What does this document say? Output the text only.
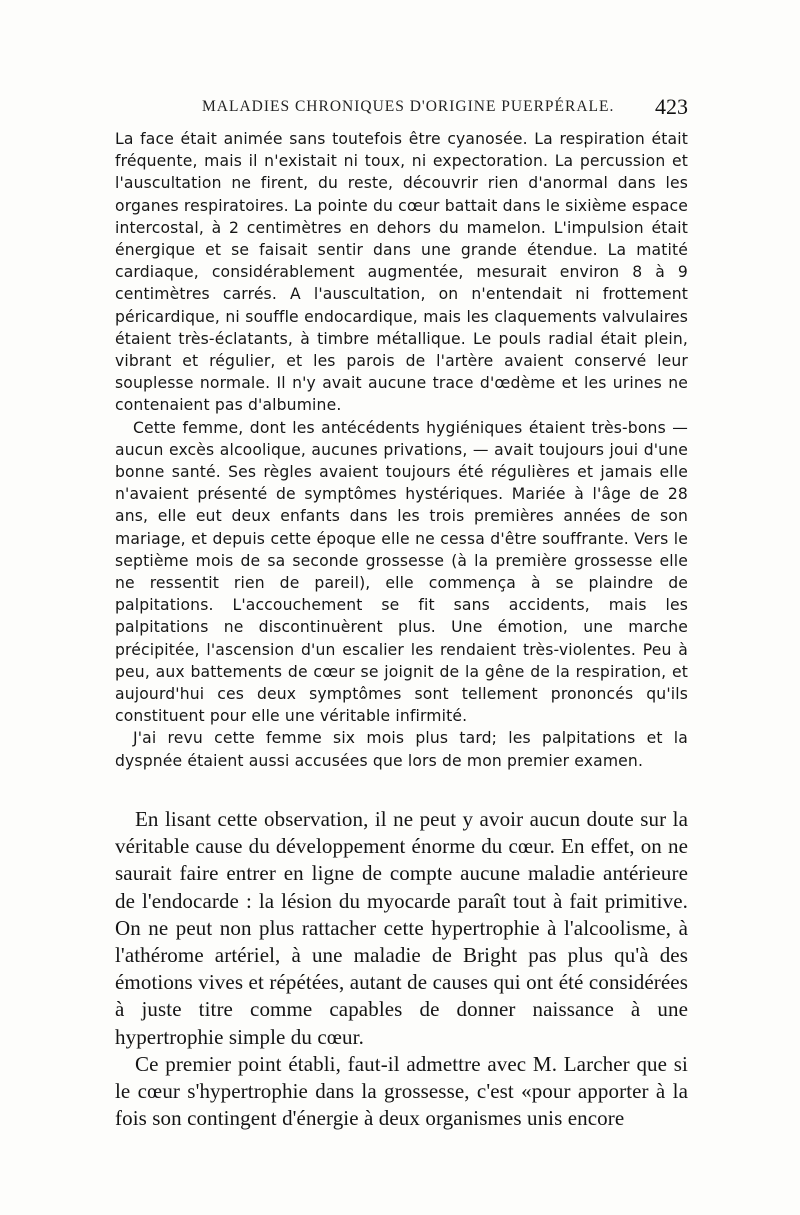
MALADIES CHRONIQUES D'ORIGINE PUERPÉRALE. 423

La face était animée sans toutefois être cyanosée. La respiration était fréquente, mais il n'existait ni toux, ni expectoration. La percussion et l'auscultation ne firent, du reste, découvrir rien d'anormal dans les organes respiratoires. La pointe du cœur battait dans le sixième espace intercostal, à 2 centimètres en dehors du mamelon. L'impulsion était énergique et se faisait sentir dans une grande étendue. La matité cardiaque, considérablement augmentée, mesurait environ 8 à 9 centimètres carrés. A l'auscultation, on n'entendait ni frottement péricardique, ni souffle endocardique, mais les claquements valvulaires étaient très-éclatants, à timbre métallique. Le pouls radial était plein, vibrant et régulier, et les parois de l'artère avaient conservé leur souplesse normale. Il n'y avait aucune trace d'œdème et les urines ne contenaient pas d'albumine.

Cette femme, dont les antécédents hygiéniques étaient très-bons — aucun excès alcoolique, aucunes privations, — avait toujours joui d'une bonne santé. Ses règles avaient toujours été régulières et jamais elle n'avaient présenté de symptômes hystériques. Mariée à l'âge de 28 ans, elle eut deux enfants dans les trois premières années de son mariage, et depuis cette époque elle ne cessa d'être souffrante. Vers le septième mois de sa seconde grossesse (à la première grossesse elle ne ressentit rien de pareil), elle commença à se plaindre de palpitations. L'accouchement se fit sans accidents, mais les palpitations ne discontinuèrent plus. Une émotion, une marche précipitée, l'ascension d'un escalier les rendaient très-violentes. Peu à peu, aux battements de cœur se joignit de la gêne de la respiration, et aujourd'hui ces deux symptômes sont tellement prononcés qu'ils constituent pour elle une véritable infirmité.

J'ai revu cette femme six mois plus tard; les palpitations et la dyspnée étaient aussi accusées que lors de mon premier examen.

En lisant cette observation, il ne peut y avoir aucun doute sur la véritable cause du développement énorme du cœur. En effet, on ne saurait faire entrer en ligne de compte aucune maladie antérieure de l'endocarde : la lésion du myocarde paraît tout à fait primitive. On ne peut non plus rattacher cette hypertrophie à l'alcoolisme, à l'athérome artériel, à une maladie de Bright pas plus qu'à des émotions vives et répétées, autant de causes qui ont été considérées à juste titre comme capables de donner naissance à une hypertrophie simple du cœur.

Ce premier point établi, faut-il admettre avec M. Larcher que si le cœur s'hypertrophie dans la grossesse, c'est «pour apporter à la fois son contingent d'énergie à deux organismes unis encore
